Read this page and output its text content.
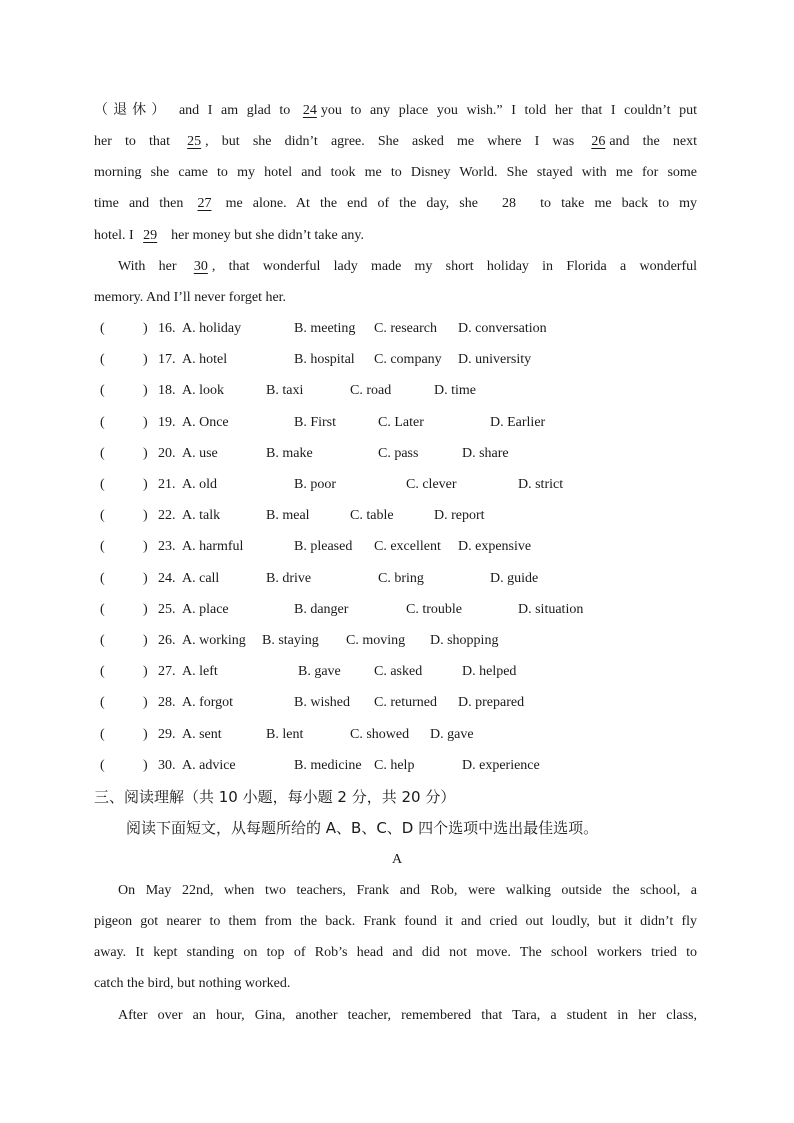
（退休） and I am glad to 24 you to any place you wish.” I told her that I couldn’t put
her to that 25 , but she didn’t agree. She asked me where I was 26 and the next
morning she came to my hotel and took me to Disney World. She stayed with me for some
time and then 27 me alone. At the end of the day, she 28 to take me back to my
hotel. I 29 her money but she didn’t take any.
With her 30 , that wonderful lady made my short holiday in Florida a wonderful
memory. And I’ll never forget her.
(	) 16. A. holiday	B. meeting C. research D. conversation
(	) 17. A. hotel	B. hospital C. company D. university
(	) 18. A. look	B. taxi	C. road	D. time
(	) 19. A. Once	B. First	C. Later	D. Earlier
(	) 20. A. use	B. make	C. pass	D. share
(	) 21. A. old	B. poor	C. clever	D. strict
(	) 22. A. talk	B. meal	C. table	D. report
(	) 23. A. harmful	B. pleased C. excellent D. expensive
(	) 24. A. call	B. drive	C. bring	D. guide
(	) 25. A. place	B. danger	C. trouble	D. situation
(	) 26. A. working B. staying C. moving D. shopping
(	) 27. A. left	B. gave C. asked	D. helped
(	) 28. A. forgot	B. wished C. returned D. prepared
(	) 29. A. sent	B. lent	C. showed D. gave
(	) 30. A. advice	B. medicine C. help	D. experience
三、阅读理解（共 10 小题，每小题 2 分，共 20 分）
阅读下面短文，从每题所给的 A、B、C、D 四个选项中选出最佳选项。
A
On May 22nd, when two teachers, Frank and Rob, were walking outside the school, a
pigeon got nearer to them from the back. Frank found it and cried out loudly, but it didn’t fly
away. It kept standing on top of Rob’s head and did not move. The school workers tried to
catch the bird, but nothing worked.
After over an hour, Gina, another teacher, remembered that Tara, a student in her class,
